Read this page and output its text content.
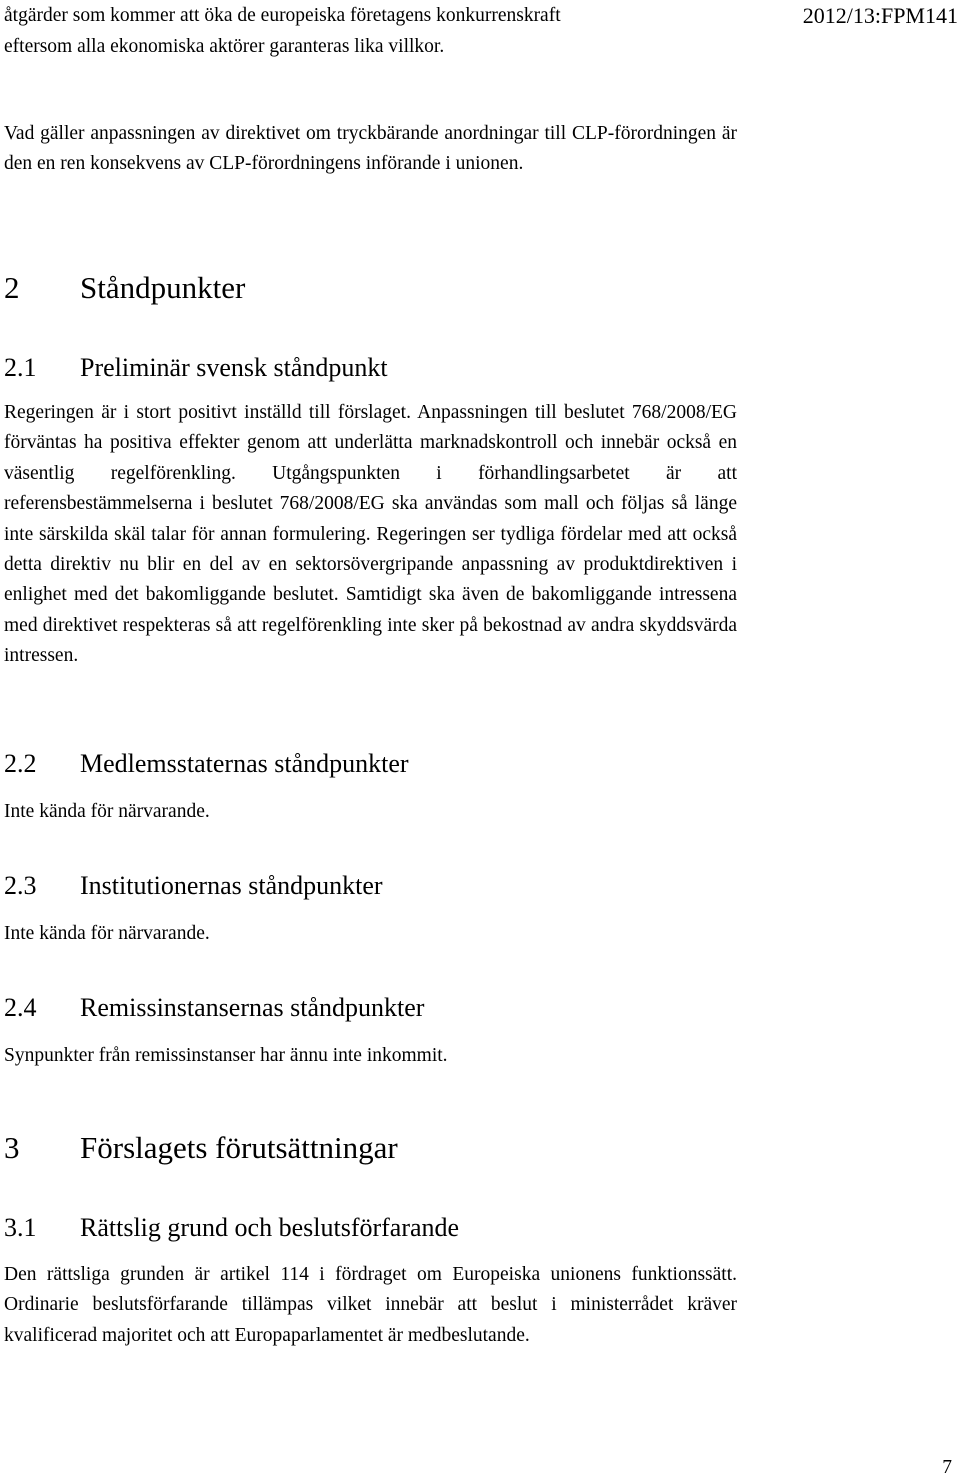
åtgärder som kommer att öka de europeiska företagens konkurrenskraft
eftersom alla ekonomiska aktörer garanteras lika villkor.
2012/13:FPM141

Vad gäller anpassningen av direktivet om tryckbärande anordningar till CLP-förordningen är den en ren konsekvens av CLP-förordningens införande i unionen.

2 Ståndpunkter
2.1 Preliminär svensk ståndpunkt

Regeringen är i stort positivt inställd till förslaget. Anpassningen till beslutet 768/2008/EG förväntas ha positiva effekter genom att underlätta marknadskontroll och innebär också en väsentlig regelförenkling. Utgångspunkten i förhandlingsarbetet är att referensbestämmelserna i beslutet 768/2008/EG ska användas som mall och följas så länge inte särskilda skäl talar för annan formulering. Regeringen ser tydliga fördelar med att också detta direktiv nu blir en del av en sektorsövergripande anpassning av produktdirektiven i enlighet med det bakomliggande beslutet. Samtidigt ska även de bakomliggande intressena med direktivet respekteras så att regelförenkling inte sker på bekostnad av andra skyddsvärda intressen.

2.2 Medlemsstaternas ståndpunkter

Inte kända för närvarande.

2.3 Institutionernas ståndpunkter

Inte kända för närvarande.

2.4 Remissinstansernas ståndpunkter

Synpunkter från remissinstanser har ännu inte inkommit.

3 Förslagets förutsättningar
3.1 Rättslig grund och beslutsförfarande

Den rättsliga grunden är artikel 114 i fördraget om Europeiska unionens funktionssätt. Ordinarie beslutsförfarande tillämpas vilket innebär att beslut i ministerrådet kräver kvalificerad majoritet och att Europaparlamentet är medbeslutande.

7
